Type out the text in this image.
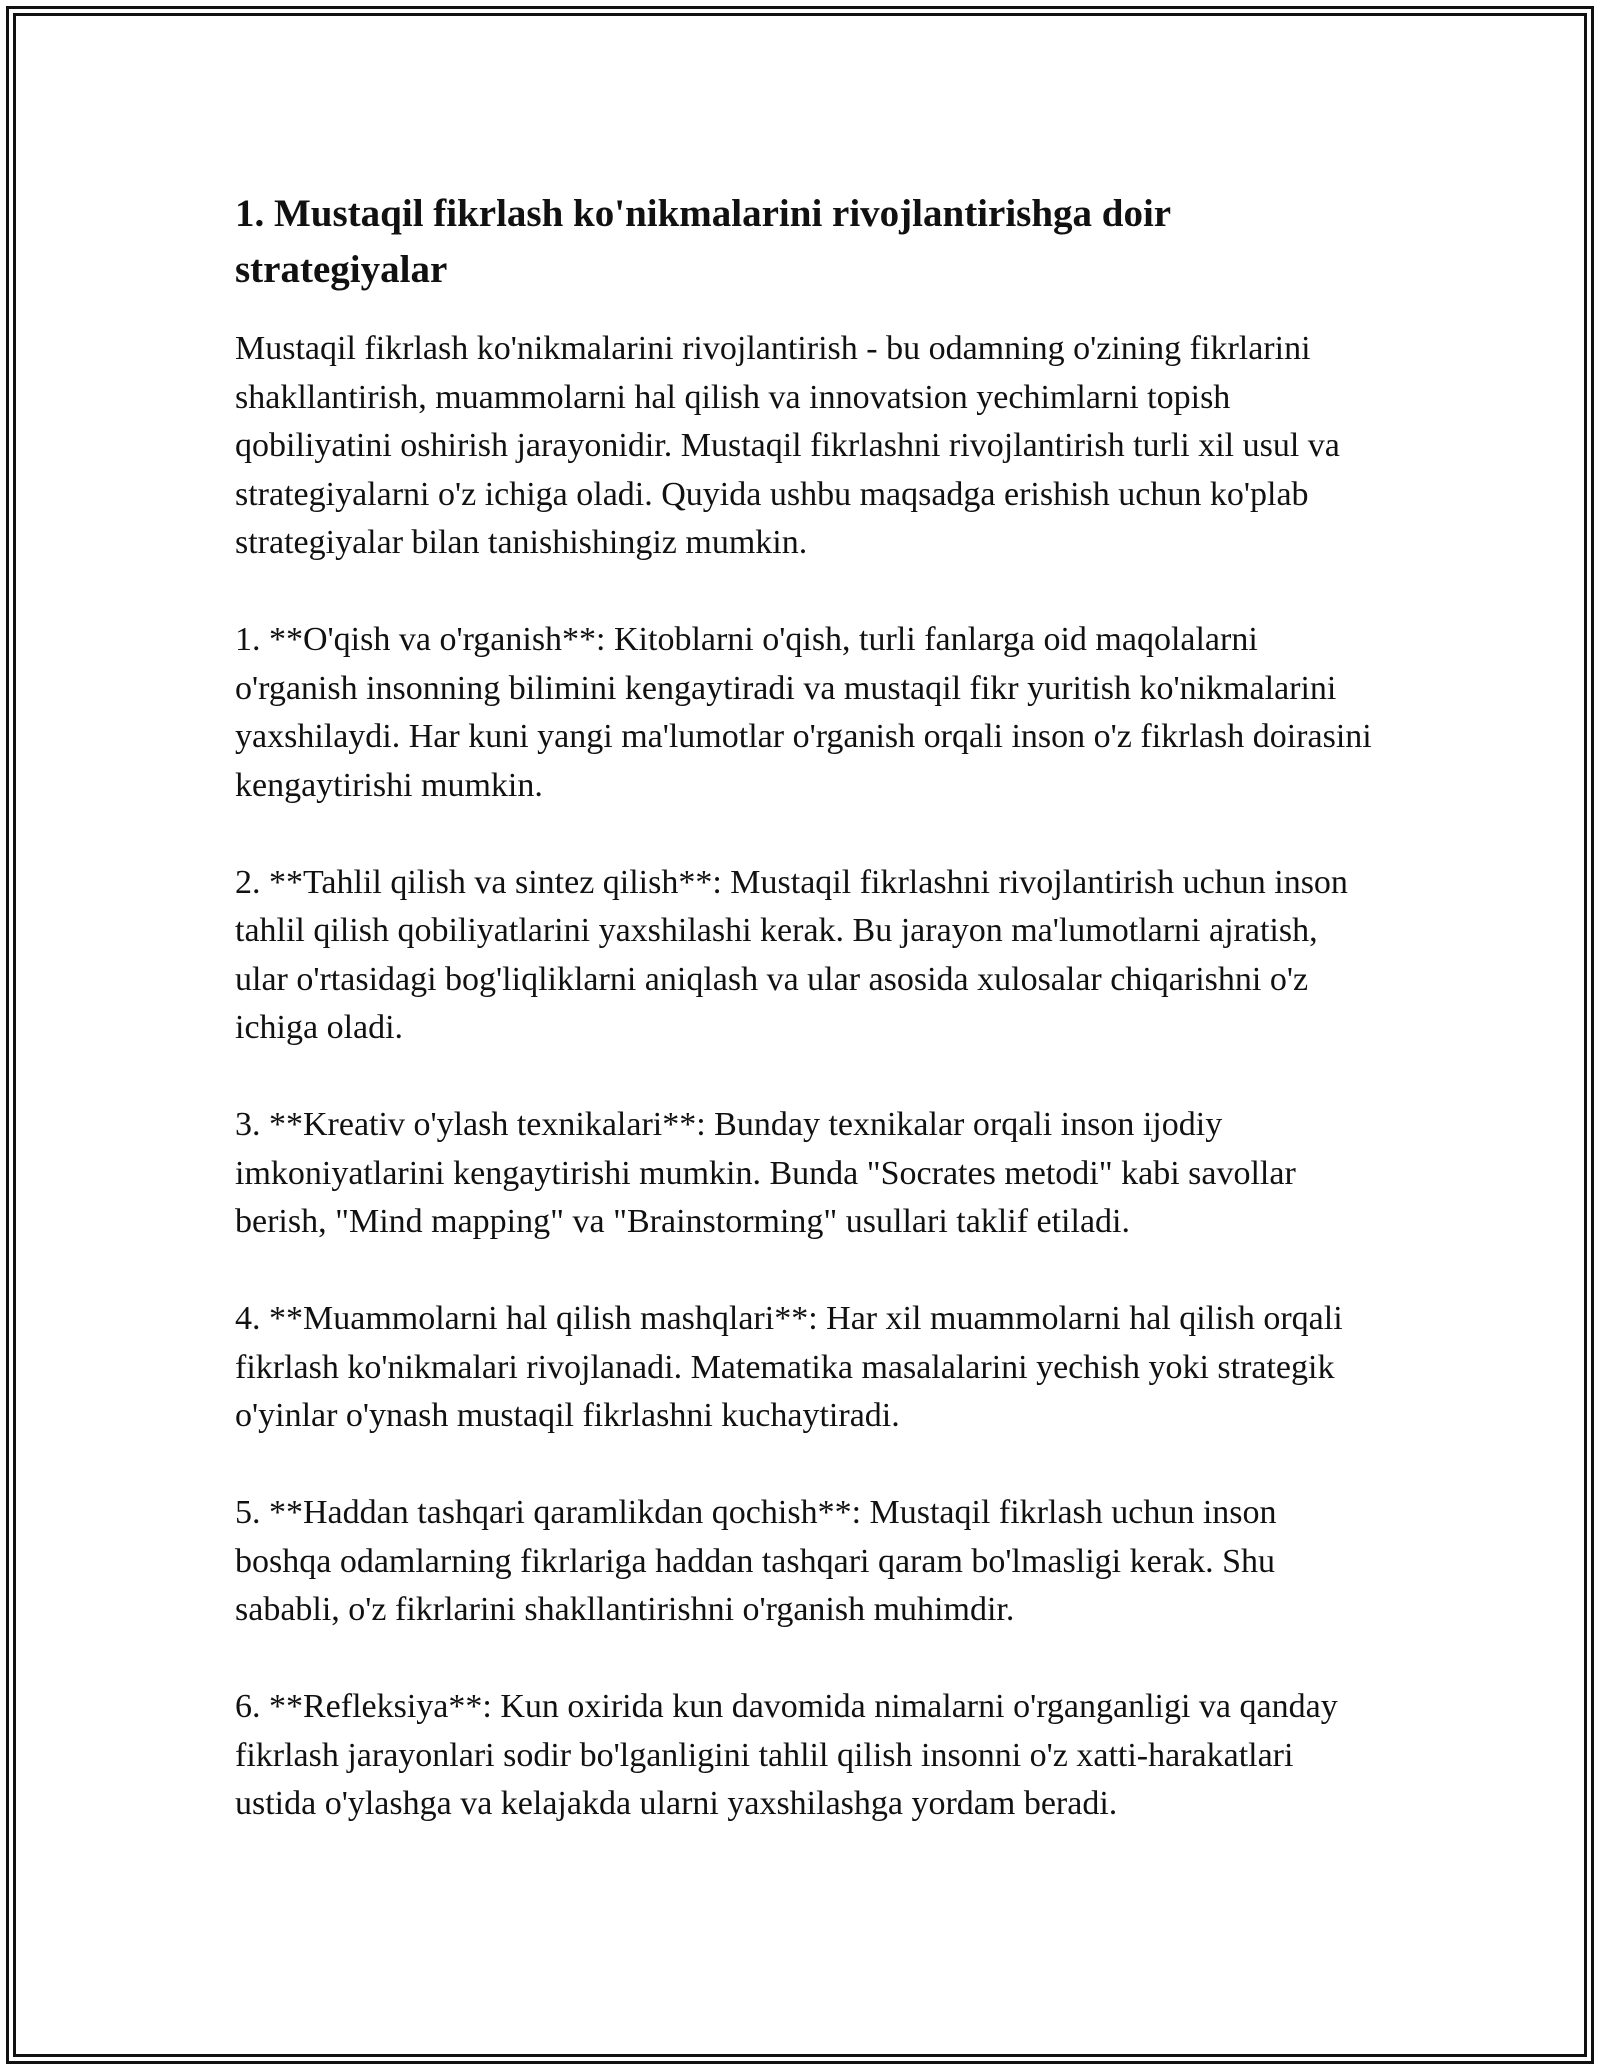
1. Mustaqil fikrlash ko'nikmalarini rivojlantirishga doir strategiyalar

Mustaqil fikrlash ko'nikmalarini rivojlantirish - bu odamning o'zining fikrlarini shakllantirish, muammolarni hal qilish va innovatsion yechimlarni topish qobiliyatini oshirish jarayonidir. Mustaqil fikrlashni rivojlantirish turli xil usul va strategiyalarni o'z ichiga oladi. Quyida ushbu maqsadga erishish uchun ko'plab strategiyalar bilan tanishishingiz mumkin.

1. **O'qish va o'rganish**: Kitoblarni o'qish, turli fanlarga oid maqolalarni o'rganish insonning bilimini kengaytiradi va mustaqil fikr yuritish ko'nikmalarini yaxshilaydi. Har kuni yangi ma'lumotlar o'rganish orqali inson o'z fikrlash doirasini kengaytirishi mumkin.

2. **Tahlil qilish va sintez qilish**: Mustaqil fikrlashni rivojlantirish uchun inson tahlil qilish qobiliyatlarini yaxshilashi kerak. Bu jarayon ma'lumotlarni ajratish, ular o'rtasidagi bog'liqliklarni aniqlash va ular asosida xulosalar chiqarishni o'z ichiga oladi.

3. **Kreativ o'ylash texnikalari**: Bunday texnikalar orqali inson ijodiy imkoniyatlarini kengaytirishi mumkin. Bunda "Socrates metodi" kabi savollar berish, "Mind mapping" va "Brainstorming" usullari taklif etiladi.

4. **Muammolarni hal qilish mashqlari**: Har xil muammolarni hal qilish orqali fikrlash ko'nikmalari rivojlanadi. Matematika masalalarini yechish yoki strategik o'yinlar o'ynash mustaqil fikrlashni kuchaytiradi.

5. **Haddan tashqari qaramlikdan qochish**: Mustaqil fikrlash uchun inson boshqa odamlarning fikrlariga haddan tashqari qaram bo'lmasligi kerak. Shu sababli, o'z fikrlarini shakllantirishni o'rganish muhimdir.

6. **Refleksiya**: Kun oxirida kun davomida nimalarni o'rganganligi va qanday fikrlash jarayonlari sodir bo'lganligini tahlil qilish insonni o'z xatti-harakatlari ustida o'ylashga va kelajakda ularni yaxshilashga yordam beradi.
